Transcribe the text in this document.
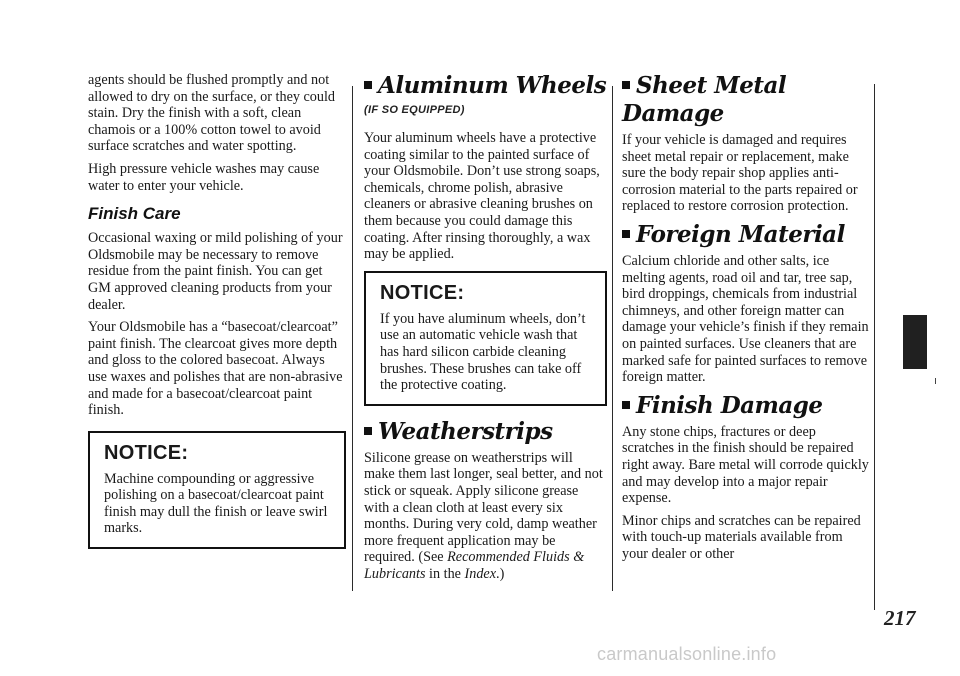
agents should be flushed promptly and not allowed to dry on the surface, or they could stain. Dry the finish with a soft, clean chamois or a 100% cotton towel to avoid surface scratches and water spotting.

High pressure vehicle washes may cause water to enter your vehicle.

Finish Care

Occasional waxing or mild polishing of your Oldsmobile may be necessary to remove residue from the paint finish. You can get GM approved cleaning products from your dealer.

Your Oldsmobile has a “basecoat/clearcoat” paint finish. The clearcoat gives more depth and gloss to the colored basecoat. Always use waxes and polishes that are non-abrasive and made for a basecoat/clearcoat paint finish.

NOTICE:

Machine compounding or aggressive polishing on a basecoat/clearcoat paint finish may dull the finish or leave swirl marks.

Aluminum Wheels
(IF SO EQUIPPED)

Your aluminum wheels have a protective coating similar to the painted surface of your Oldsmobile. Don’t use strong soaps, chemicals, chrome polish, abrasive cleaners or abrasive cleaning brushes on them because you could damage this coating. After rinsing thoroughly, a wax may be applied.

NOTICE:

If you have aluminum wheels, don’t use an automatic vehicle wash that has hard silicon carbide cleaning brushes. These brushes can take off the protective coating.

Weatherstrips

Silicone grease on weatherstrips will make them last longer, seal better, and not stick or squeak. Apply silicone grease with a clean cloth at least every six months. During very cold, damp weather more frequent application may be required. (See Recommended Fluids & Lubricants in the Index.)

Sheet Metal Damage

If your vehicle is damaged and requires sheet metal repair or replacement, make sure the body repair shop applies anti-corrosion material to the parts repaired or replaced to restore corrosion protection.

Foreign Material

Calcium chloride and other salts, ice melting agents, road oil and tar, tree sap, bird droppings, chemicals from industrial chimneys, and other foreign matter can damage your vehicle’s finish if they remain on painted surfaces. Use cleaners that are marked safe for painted surfaces to remove foreign matter.

Finish Damage

Any stone chips, fractures or deep scratches in the finish should be repaired right away. Bare metal will corrode quickly and may develop into a major repair expense.

Minor chips and scratches can be repaired with touch-up materials available from your dealer or other

217
carmanualsonline.info
